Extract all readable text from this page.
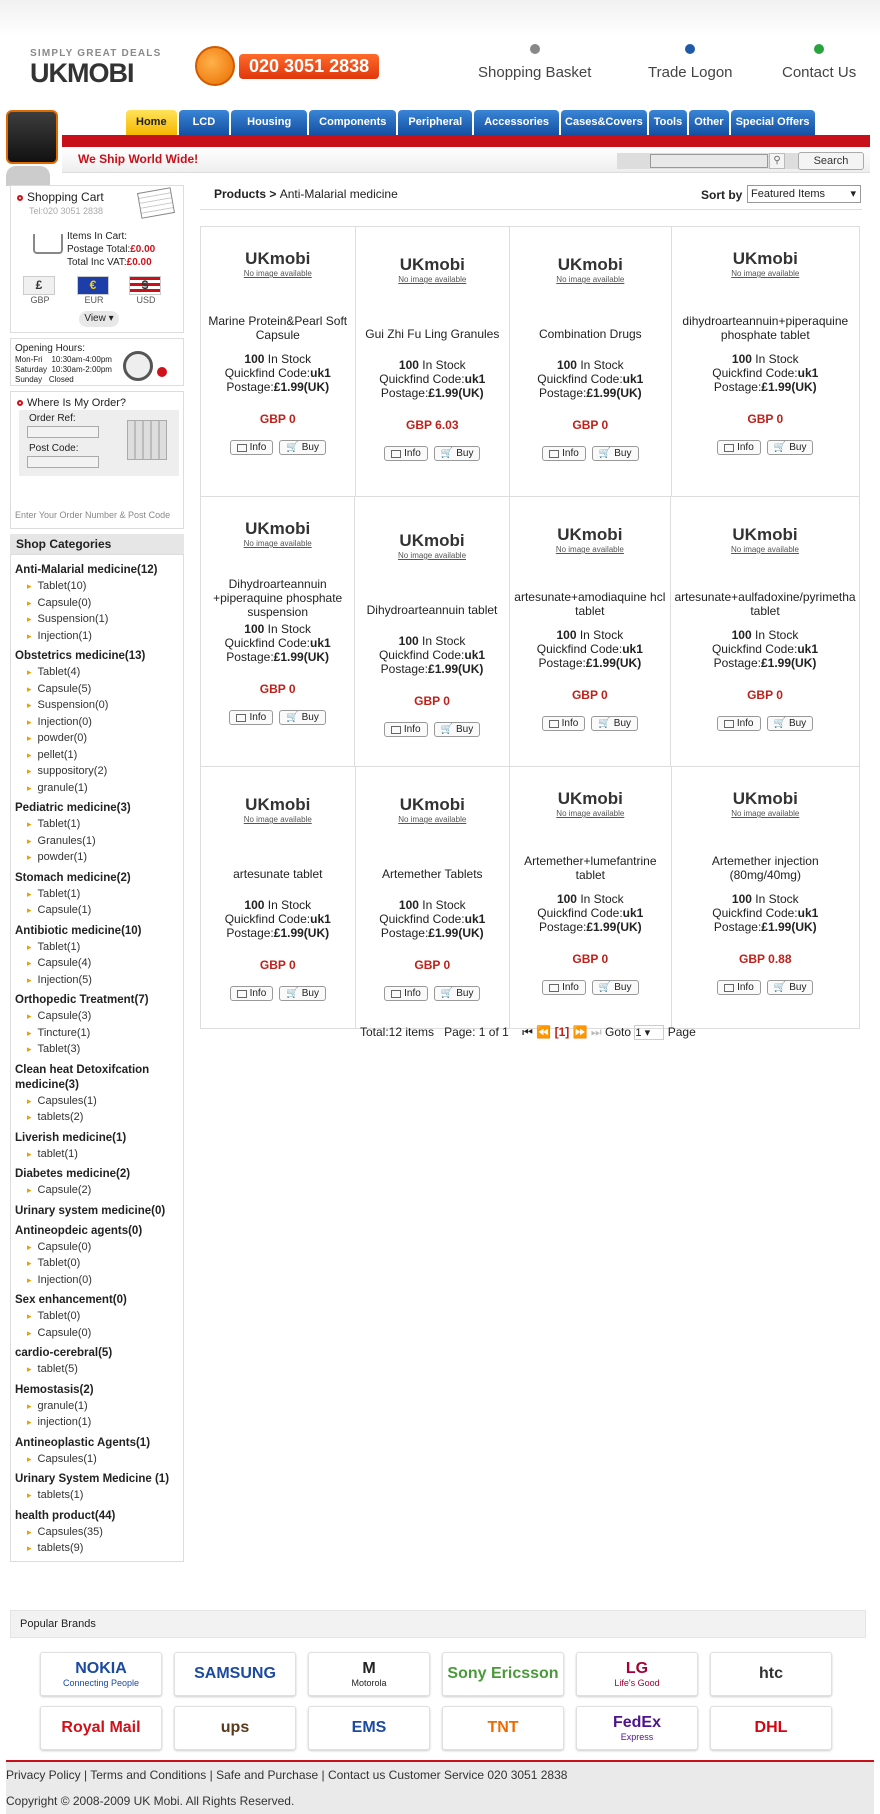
SIMPLY GREAT DEALS
UKMOBI	020 3051 2838	Shopping Basket	Trade Logon	Contact Us
Home	LCD	Housing	Components	Peripheral	Accessories	Cases&Covers	Tools	Other	Special Offers
We Ship World Wide!	⚲	Search
Shopping Cart
Tel:020 3051 2838
Items In Cart:
Postage Total:£0.00
Total Inc VAT:£0.00
£
GBP
€
EUR
$
USD
View ▾
Opening Hours:
Mon-Fri 10:30am-4:00pm
Saturday 10:30am-2:00pm
Sunday Closed
Where Is My Order?
Order Ref:
Post Code:
Enter Your Order Number & Post Code
Shop Categories
Anti-Malarial medicine(12)
▸ Tablet(10)
▸ Capsule(0)
▸ Suspension(1)
▸ Injection(1)
Obstetrics medicine(13)
▸ Tablet(4)
▸ Capsule(5)
▸ Suspension(0)
▸ Injection(0)
▸ powder(0)
▸ pellet(1)
▸ suppository(2)
▸ granule(1)
Pediatric medicine(3)
▸ Tablet(1)
▸ Granules(1)
▸ powder(1)
Stomach medicine(2)
▸ Tablet(1)
▸ Capsule(1)
Antibiotic medicine(10)
▸ Tablet(1)
▸ Capsule(4)
▸ Injection(5)
Orthopedic Treatment(7)
▸ Capsule(3)
▸ Tincture(1)
▸ Tablet(3)
Clean heat Detoxifcation medicine(3)
▸ Capsules(1)
▸ tablets(2)
Liverish medicine(1)
▸ tablet(1)
Diabetes medicine(2)
▸ Capsule(2)
Urinary system medicine(0)
Antineopdeic agents(0)
▸ Capsule(0)
▸ Tablet(0)
▸ Injection(0)
Sex enhancement(0)
▸ Tablet(0)
▸ Capsule(0)
cardio-cerebral(5)
▸ tablet(5)
Hemostasis(2)
▸ granule(1)
▸ injection(1)
Antineoplastic Agents(1)
▸ Capsules(1)
Urinary System Medicine (1)
▸ tablets(1)
health product(44)
▸ Capsules(35)
▸ tablets(9)
Products > Anti-Malarial medicine	Sort by Featured Items ▾
UKmobi
No image available
Marine Protein&Pearl Soft Capsule
100 In Stock
Quickfind Code:uk1
Postage:£1.99(UK)
GBP 0
Info 🛒 Buy
UKmobi
No image available
Gui Zhi Fu Ling Granules
100 In Stock
Quickfind Code:uk1
Postage:£1.99(UK)
GBP 6.03
Info 🛒 Buy
UKmobi
No image available
Combination Drugs
100 In Stock
Quickfind Code:uk1
Postage:£1.99(UK)
GBP 0
Info 🛒 Buy
UKmobi
No image available
dihydroarteannuin+piperaquine phosphate tablet
100 In Stock
Quickfind Code:uk1
Postage:£1.99(UK)
GBP 0
Info 🛒 Buy
UKmobi
No image available
Dihydroarteannuin +piperaquine phosphate suspension
100 In Stock
Quickfind Code:uk1
Postage:£1.99(UK)
GBP 0
Info 🛒 Buy
UKmobi
No image available
Dihydroarteannuin tablet
100 In Stock
Quickfind Code:uk1
Postage:£1.99(UK)
GBP 0
Info 🛒 Buy
UKmobi
No image available
artesunate+amodiaquine hcl tablet
100 In Stock
Quickfind Code:uk1
Postage:£1.99(UK)
GBP 0
Info 🛒 Buy
UKmobi
No image available
artesunate+aulfadoxine/pyrimetha tablet
100 In Stock
Quickfind Code:uk1
Postage:£1.99(UK)
GBP 0
Info 🛒 Buy
UKmobi
No image available
artesunate tablet
100 In Stock
Quickfind Code:uk1
Postage:£1.99(UK)
GBP 0
Info 🛒 Buy
UKmobi
No image available
Artemether Tablets
100 In Stock
Quickfind Code:uk1
Postage:£1.99(UK)
GBP 0
Info 🛒 Buy
UKmobi
No image available
Artemether+lumefantrine tablet
100 In Stock
Quickfind Code:uk1
Postage:£1.99(UK)
GBP 0
Info 🛒 Buy
UKmobi
No image available
Artemether injection (80mg/40mg)
100 In Stock
Quickfind Code:uk1
Postage:£1.99(UK)
GBP 0.88
Info 🛒 Buy
Total:12 items Page: 1 of 1 ⏮ ⏪ [1] ⏩ ⏭ Goto 1 ▾ Page
Popular Brands
NOKIA
Connecting People
SAMSUNG	M
Motorola
Sony Ericsson	LG
Life's Good
htc
Royal Mail	ups	EMS	TNT	FedEx
Express
DHL
Privacy Policy | Terms and Conditions | Safe and Purchase | Contact us Customer Service 020 3051 2838
Copyright © 2008-2009 UK Mobi. All Rights Reserved.
